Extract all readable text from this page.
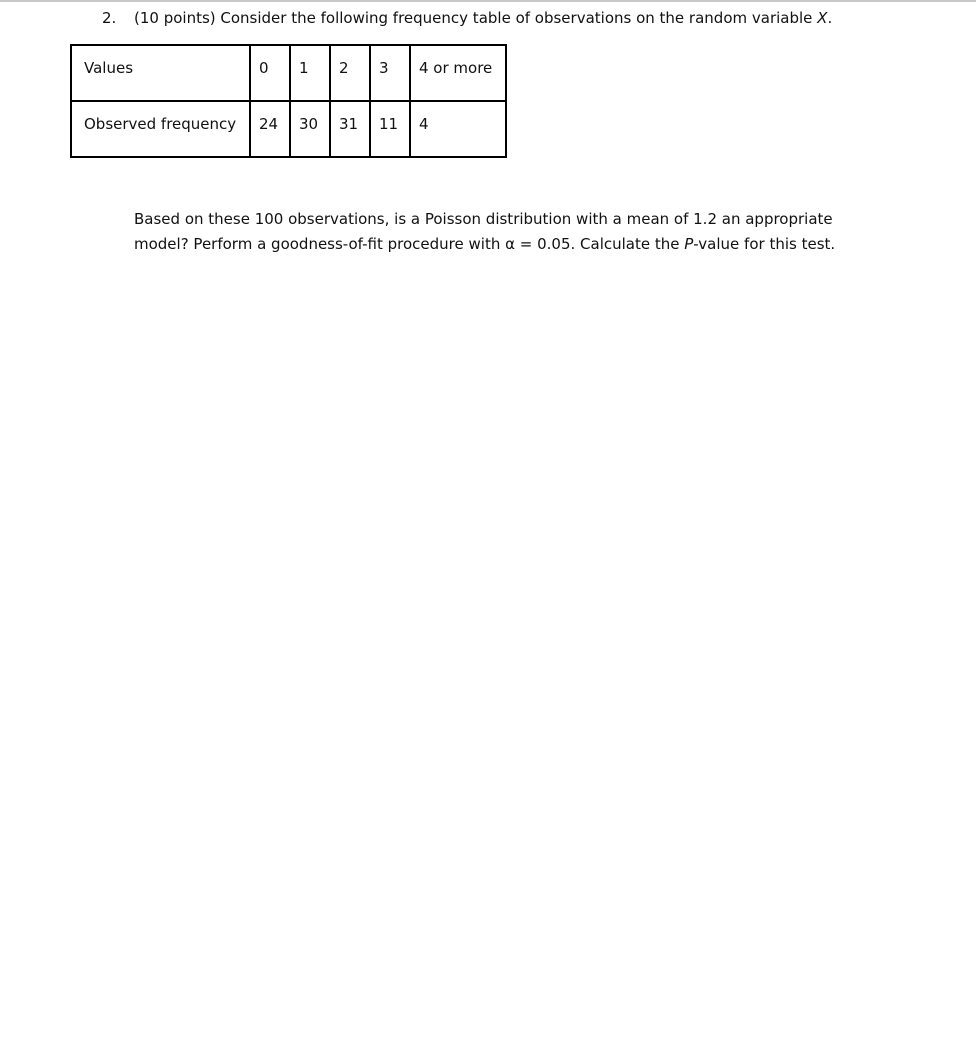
2. (10 points) Consider the following frequency table of observations on the random variable X.
Values	0	1	2	3	4 or more
Observed frequency	24	30	31	11	4

Based on these 100 observations, is a Poisson distribution with a mean of 1.2 an appropriate

model? Perform a goodness-of-fit procedure with α = 0.05. Calculate the P-value for this test.
